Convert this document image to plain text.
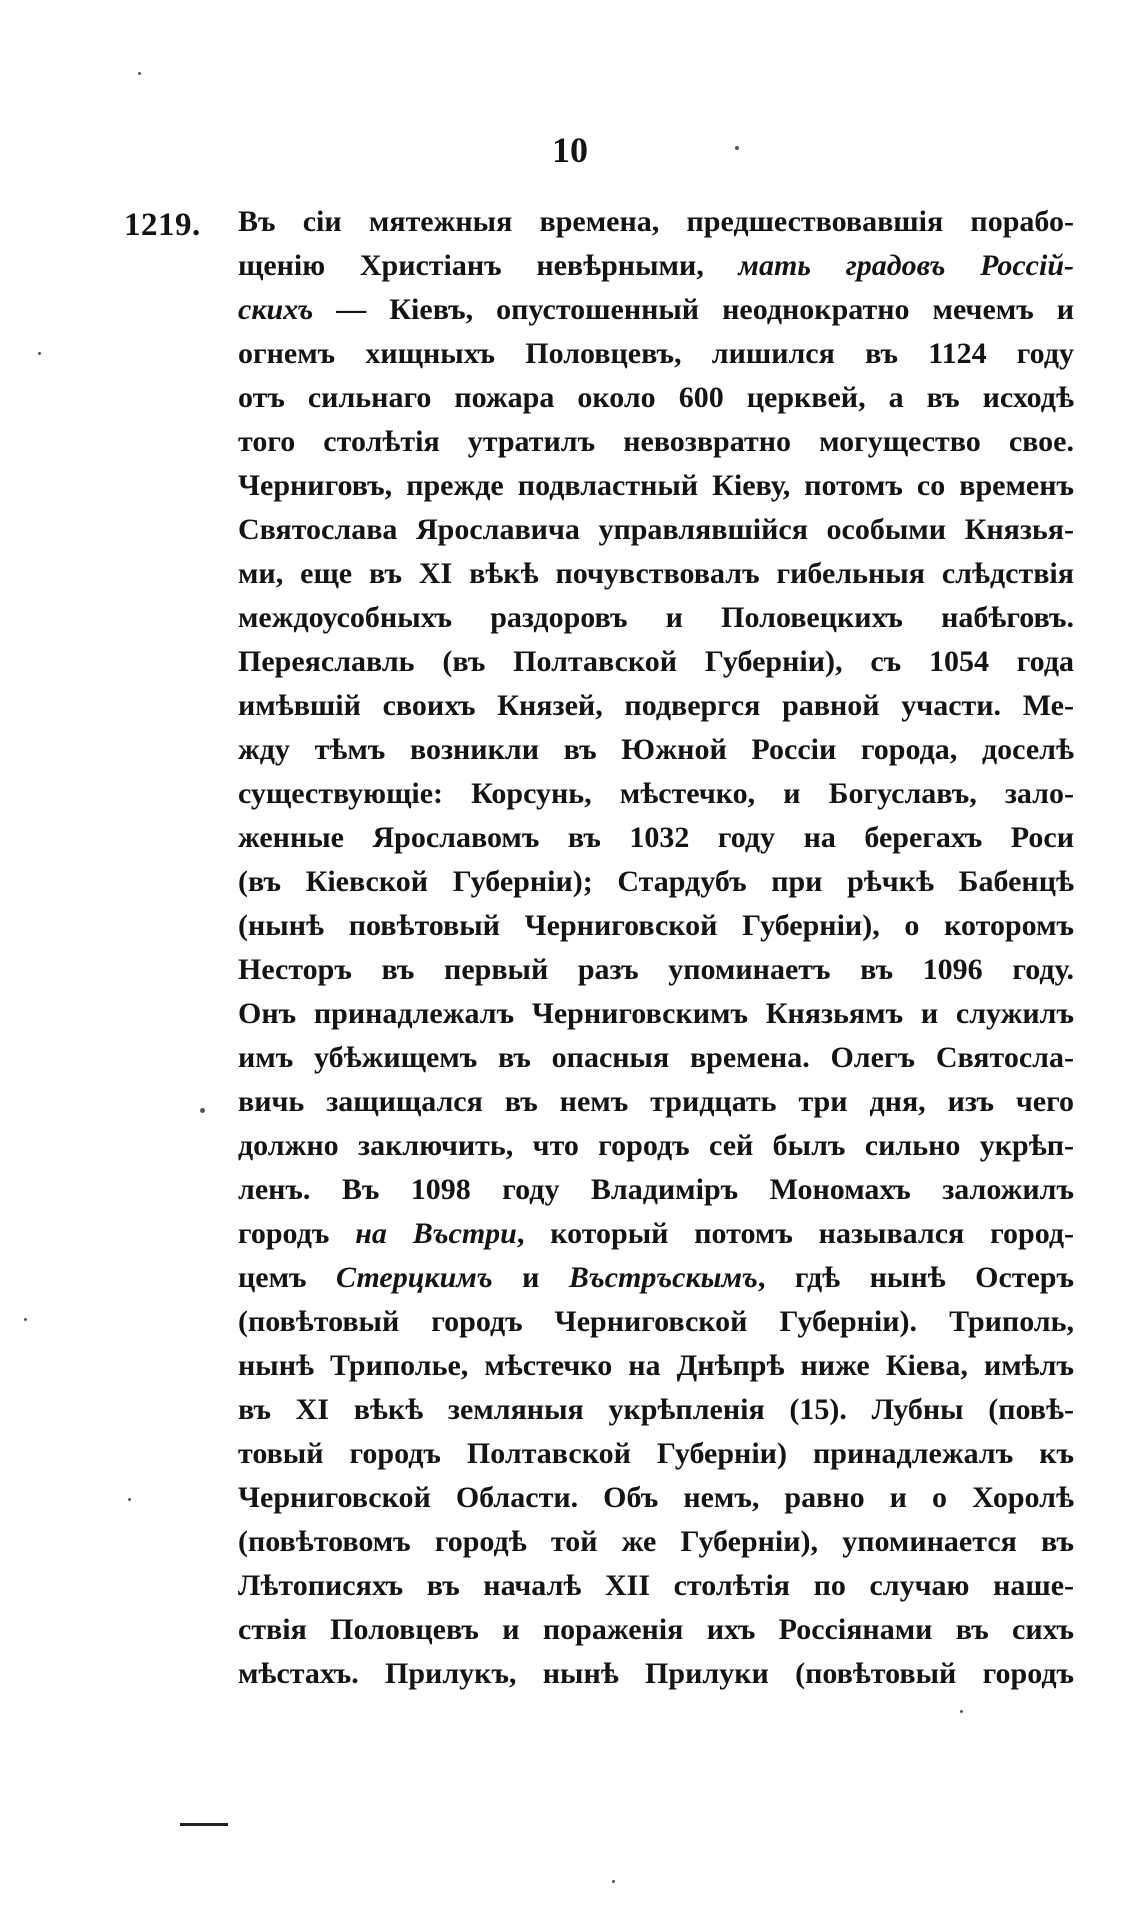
10
1219. Въ сіи мятежныя времена, предшествовавшія порабо-
щенію Христіанъ невѣрными, мать градовъ Россій-
скихъ — Кіевъ, опустошенный неоднократно мечемъ и
огнемъ хищныхъ Половцевъ, лишился въ 1124 году
отъ сильнаго пожара около 600 церквей, а въ исходѣ
того столѣтія утратилъ невозвратно могущество свое.
Черниговъ, прежде подвластный Кіеву, потомъ со временъ
Святослава Ярославича управлявшійся особыми Князья-
ми, еще въ XI вѣкѣ почувствовалъ гибельныя слѣдствія
междоусобныхъ раздоровъ и Половецкихъ набѣговъ.
Переяславль (въ Полтавской Губерніи), съ 1054 года
имѣвшій своихъ Князей, подвергся равной участи. Ме-
жду тѣмъ возникли въ Южной Россіи города, доселѣ
существующіе: Корсунь, мѣстечко, и Богуславъ, зало-
женные Ярославомъ въ 1032 году на берегахъ Роси
(въ Кіевской Губерніи); Стардубъ при рѣчкѣ Бабенцѣ
(нынѣ повѣтовый Черниговской Губерніи), о которомъ
Несторъ въ первый разъ упоминаетъ въ 1096 году.
Онъ принадлежалъ Черниговскимъ Князьямъ и служилъ
имъ убѣжищемъ въ опасныя времена. Олегъ Святосла-
вичь защищался въ немъ тридцать три дня, изъ чего
должно заключить, что городъ сей былъ сильно укрѣп-
ленъ. Въ 1098 году Владиміръ Мономахъ заложилъ
городъ на Въстри, который потомъ назывался город-
цемъ Стерцкимъ и Въстръскымъ, гдѣ нынѣ Остеръ
(повѣтовый городъ Черниговской Губерніи). Триполь,
нынѣ Триполье, мѣстечко на Днѣпрѣ ниже Кіева, имѣлъ
въ XI вѣкѣ земляныя укрѣпленія (15). Лубны (повѣ-
товый городъ Полтавской Губерніи) принадлежалъ къ
Черниговской Области. Объ немъ, равно и о Хоролѣ
(повѣтовомъ городѣ той же Губерніи), упоминается въ
Лѣтописяхъ въ началѣ XII столѣтія по случаю наше-
ствія Половцевъ и пораженія ихъ Россіянами въ сихъ
мѣстахъ. Прилукъ, нынѣ Прилуки (повѣтовый городъ
